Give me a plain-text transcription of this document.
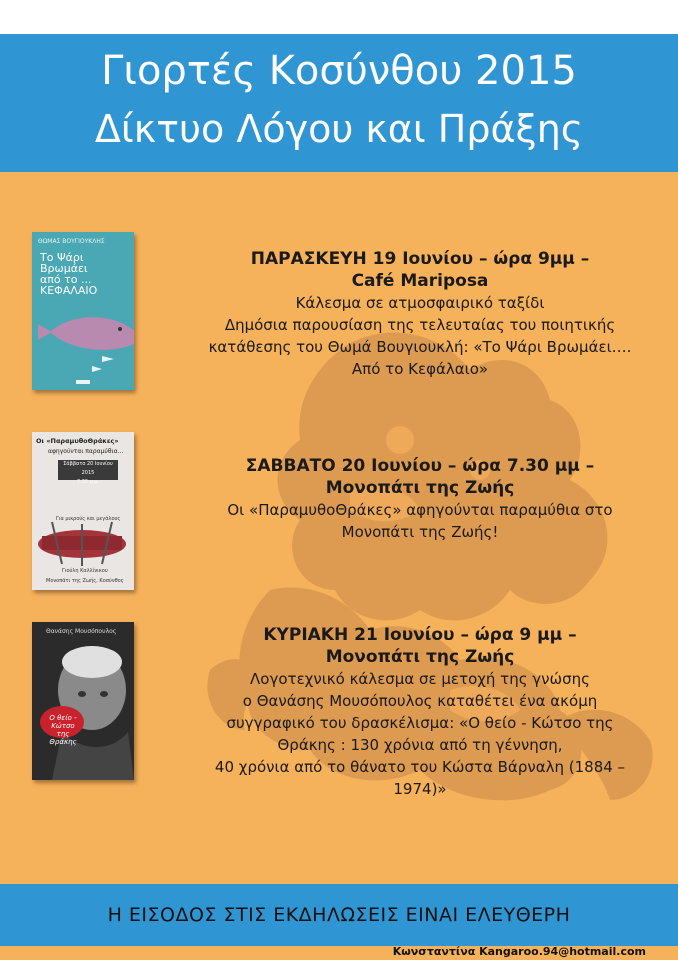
Γιορτές Κοσύνθου 2015
Δίκτυο Λόγου και Πράξης
ΘΩΜΑΣ ΒΟΥΓΙΟΥΚΛΗΣ
Το Ψάρι
Βρωμάει
από το ...
ΚΕΦΑΛΑΙΟ
Οι «ΠαραμυθοΘράκες»
αφηγούνται παραμύθια...
Σάββατο 20 Ιουνίου 2015
7.30 μ.μ.
Για μικρούς και μεγάλους
Γιούλη Καλλίνικου
Μονοπάτι της Ζωής, Κοσύνθος
Θανάσης Μουσόπουλος
Ο θείο - Κώτσο της Θράκης
ΠΑΡΑΣΚΕΥΗ 19 Ιουνίου – ώρα 9μμ –
Café Mariposa
Κάλεσμα σε ατμοσφαιρικό ταξίδι
Δημόσια παρουσίαση της τελευταίας του ποιητικής
κατάθεσης του Θωμά Βουγιουκλή: «Το Ψάρι Βρωμάει….
Από το Κεφάλαιο»
ΣΑΒΒΑΤΟ 20 Ιουνίου – ώρα 7.30 μμ –
Μονοπάτι της Ζωής
Οι «ΠαραμυθοΘράκες» αφηγούνται παραμύθια στο
Μονοπάτι της Ζωής!
ΚΥΡΙΑΚΗ 21 Ιουνίου – ώρα 9 μμ –
Μονοπάτι της Ζωής
Λογοτεχνικό κάλεσμα σε μετοχή της γνώσης
ο Θανάσης Μουσόπουλος καταθέτει ένα ακόμη
συγγραφικό του δρασκέλισμα: «Ο θείο - Κώτσο της
Θράκης : 130 χρόνια από τη γέννηση,
40 χρόνια από το θάνατο του Κώστα Βάρναλη (1884 –
1974)»
Η ΕΙΣΟΔΟΣ ΣΤΙΣ ΕΚΔΗΛΩΣΕΙΣ ΕΙΝΑΙ ΕΛΕΥΘΕΡΗ
Κωνσταντίνα Kangaroo.94@hotmail.com
